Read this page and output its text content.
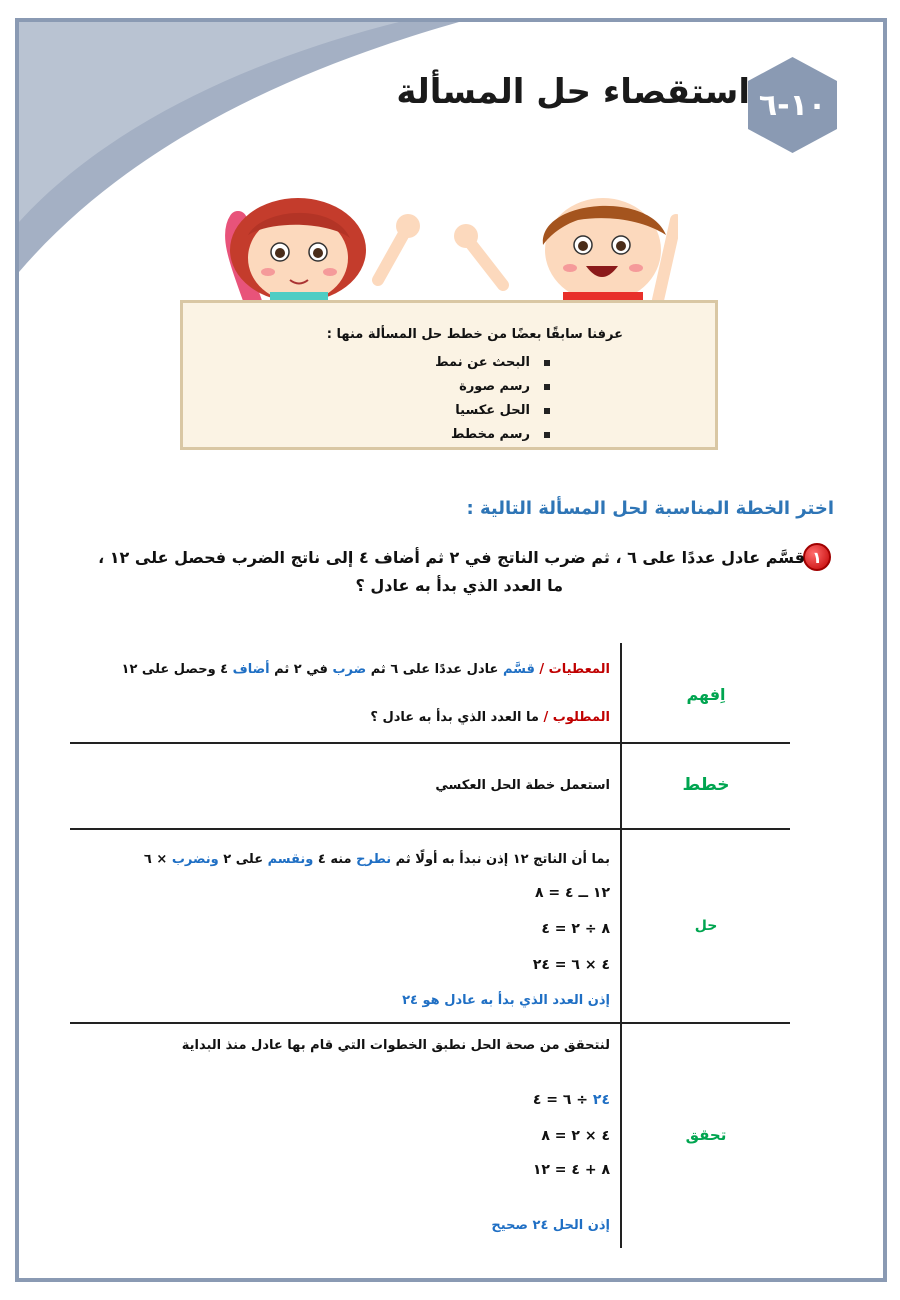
١٠-٦
استقصاء حل المسألة
عرفنا سابقًا بعضًا من خطط حل المسألة منها :
البحث عن نمط
رسم صورة
الحل عكسيا
رسم مخطط
اختر الخطة المناسبة لحل المسألة التالية :
١
قسَّم عادل عددًا على ٦ ، ثم ضرب الناتج في ٢ ثم أضاف ٤ إلى ناتج الضرب فحصل على ١٢ ،
ما العدد الذي بدأ به عادل ؟
اِفهم
المعطيات / قسَّم عادل عددًا على ٦ ثم ضرب في ٢ ثم أضاف ٤ وحصل على ١٢
المطلوب / ما العدد الذي بدأ به عادل ؟
خطط
استعمل خطة الحل العكسي
حل
بما أن الناتج ١٢ إذن نبدأ به أولًا ثم نطرح منه ٤ ونقسم على ٢ ونضرب × ٦
١٢ ــ ٤ = ٨
٨ ÷ ٢ = ٤
٤ × ٦ = ٢٤
إذن العدد الذي بدأ به عادل هو ٢٤
تحقق
لنتحقق من صحة الحل نطبق الخطوات التي قام بها عادل منذ البداية
٢٤ ÷ ٦ = ٤
٤ × ٢ = ٨
٨ + ٤ = ١٢
إذن الحل ٢٤ صحيح
